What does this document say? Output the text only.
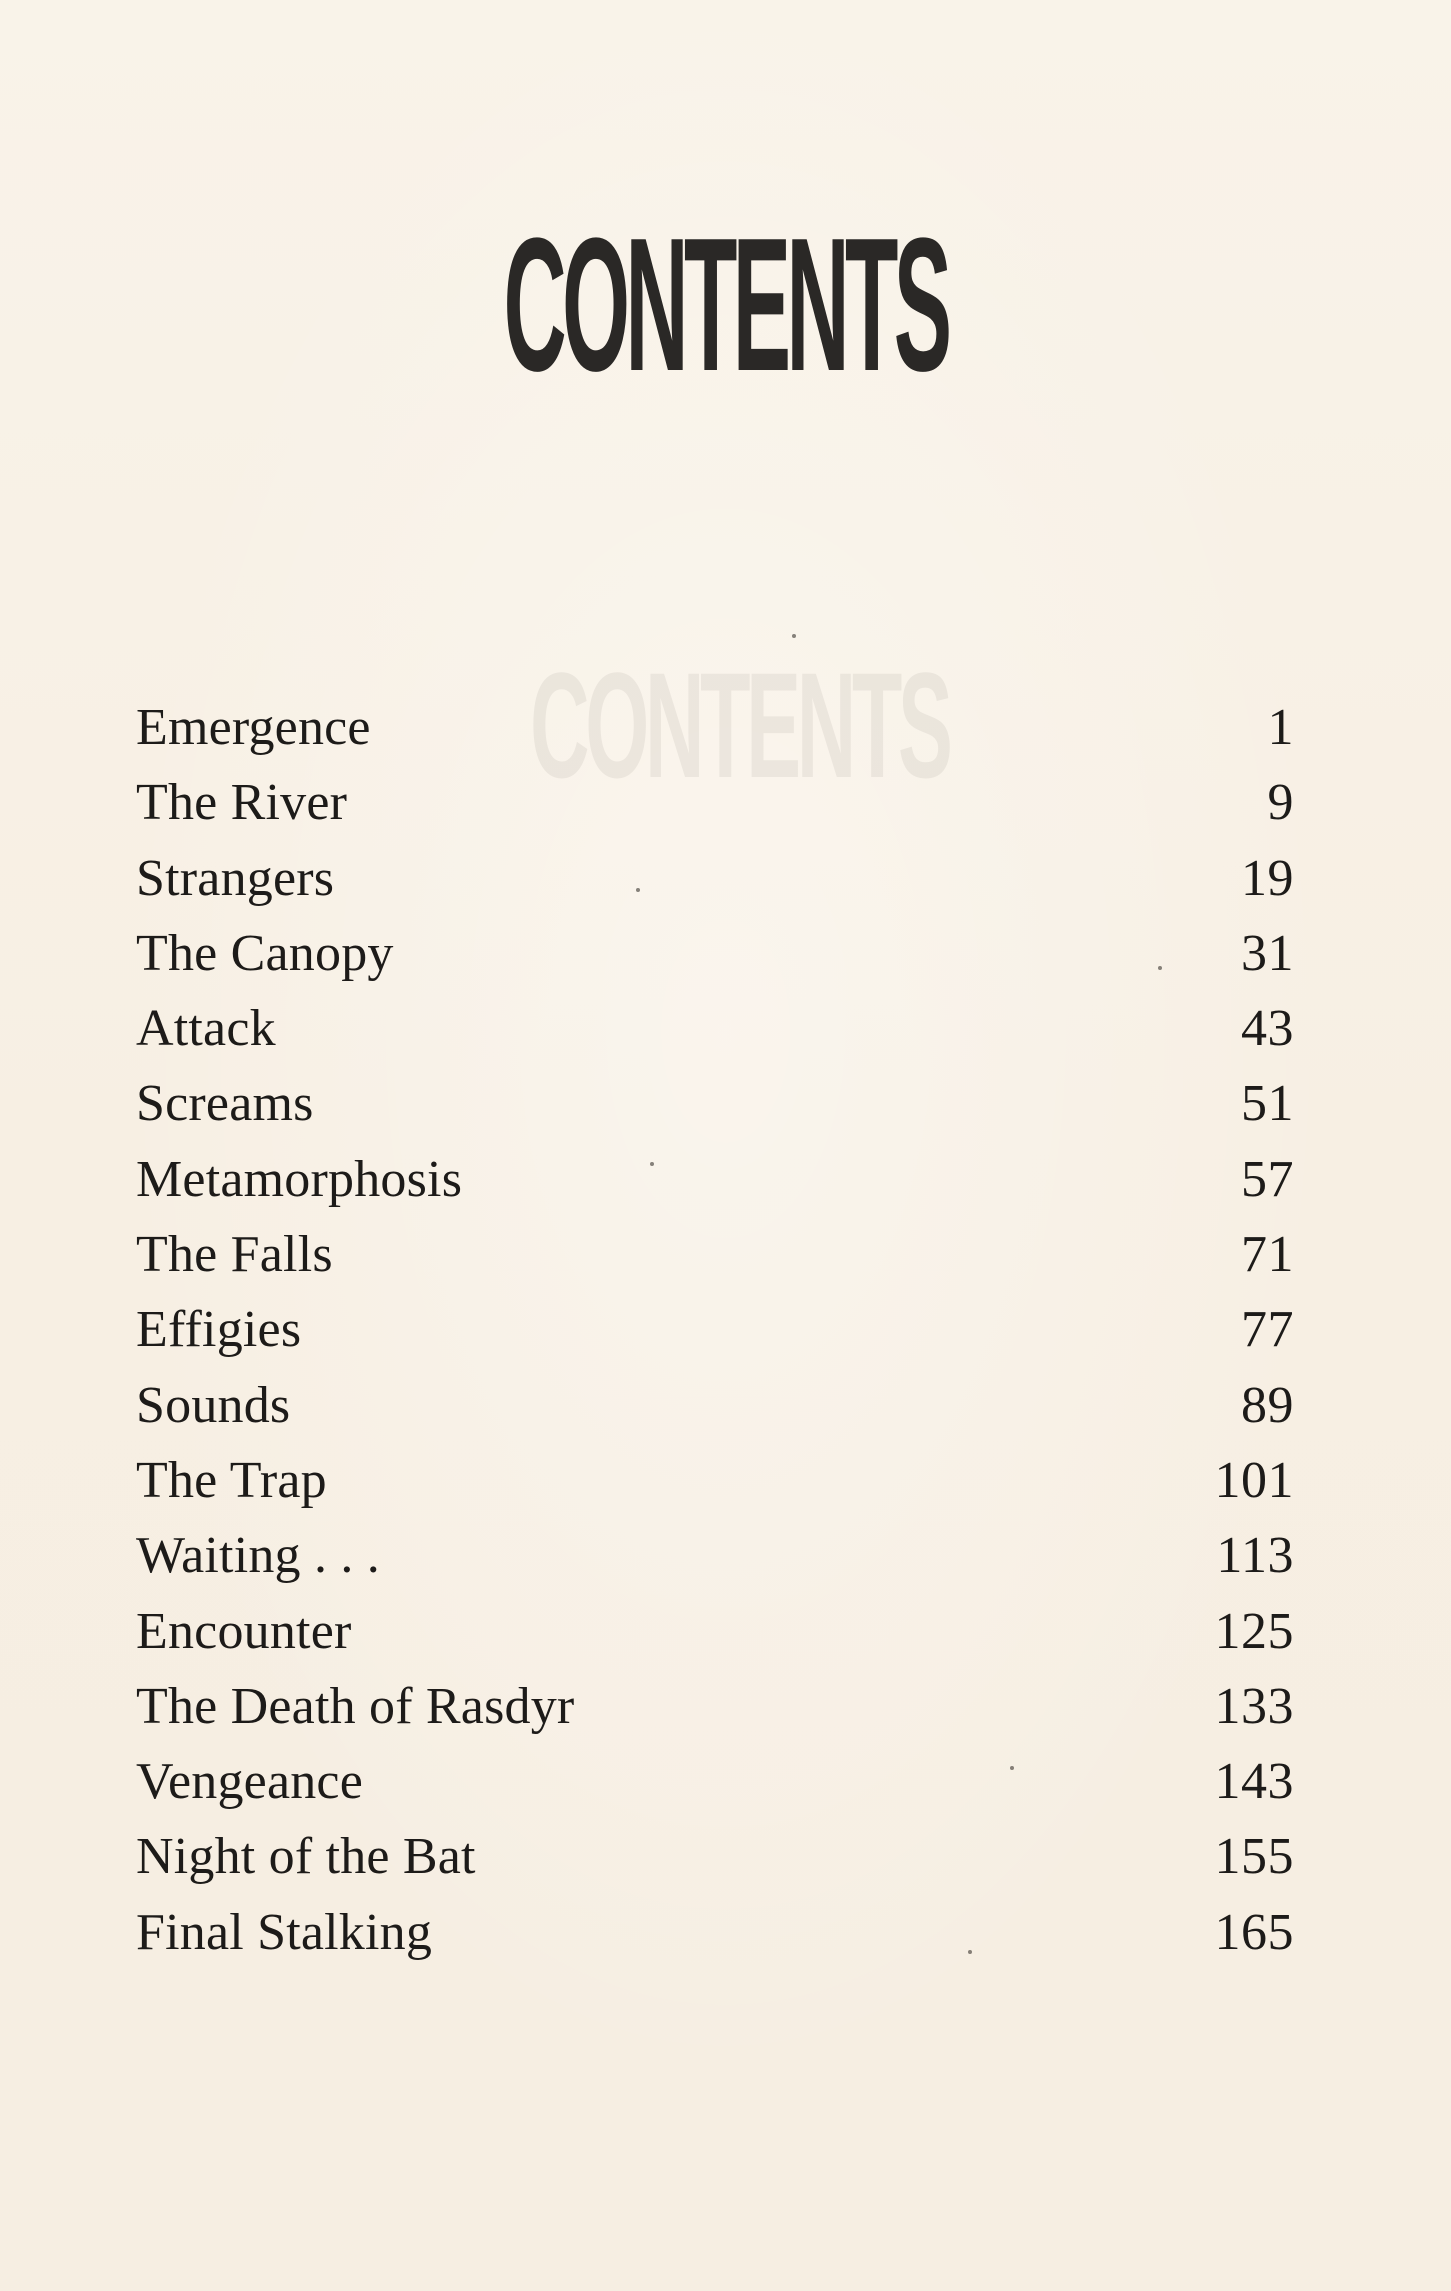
CONTENTS
CONTENTS
Emergence	1
The River	9
Strangers	19
The Canopy	31
Attack	43
Screams	51
Metamorphosis	57
The Falls	71
Effigies	77
Sounds	89
The Trap	101
Waiting . . .	113
Encounter	125
The Death of Rasdyr	133
Vengeance	143
Night of the Bat	155
Final Stalking	165
